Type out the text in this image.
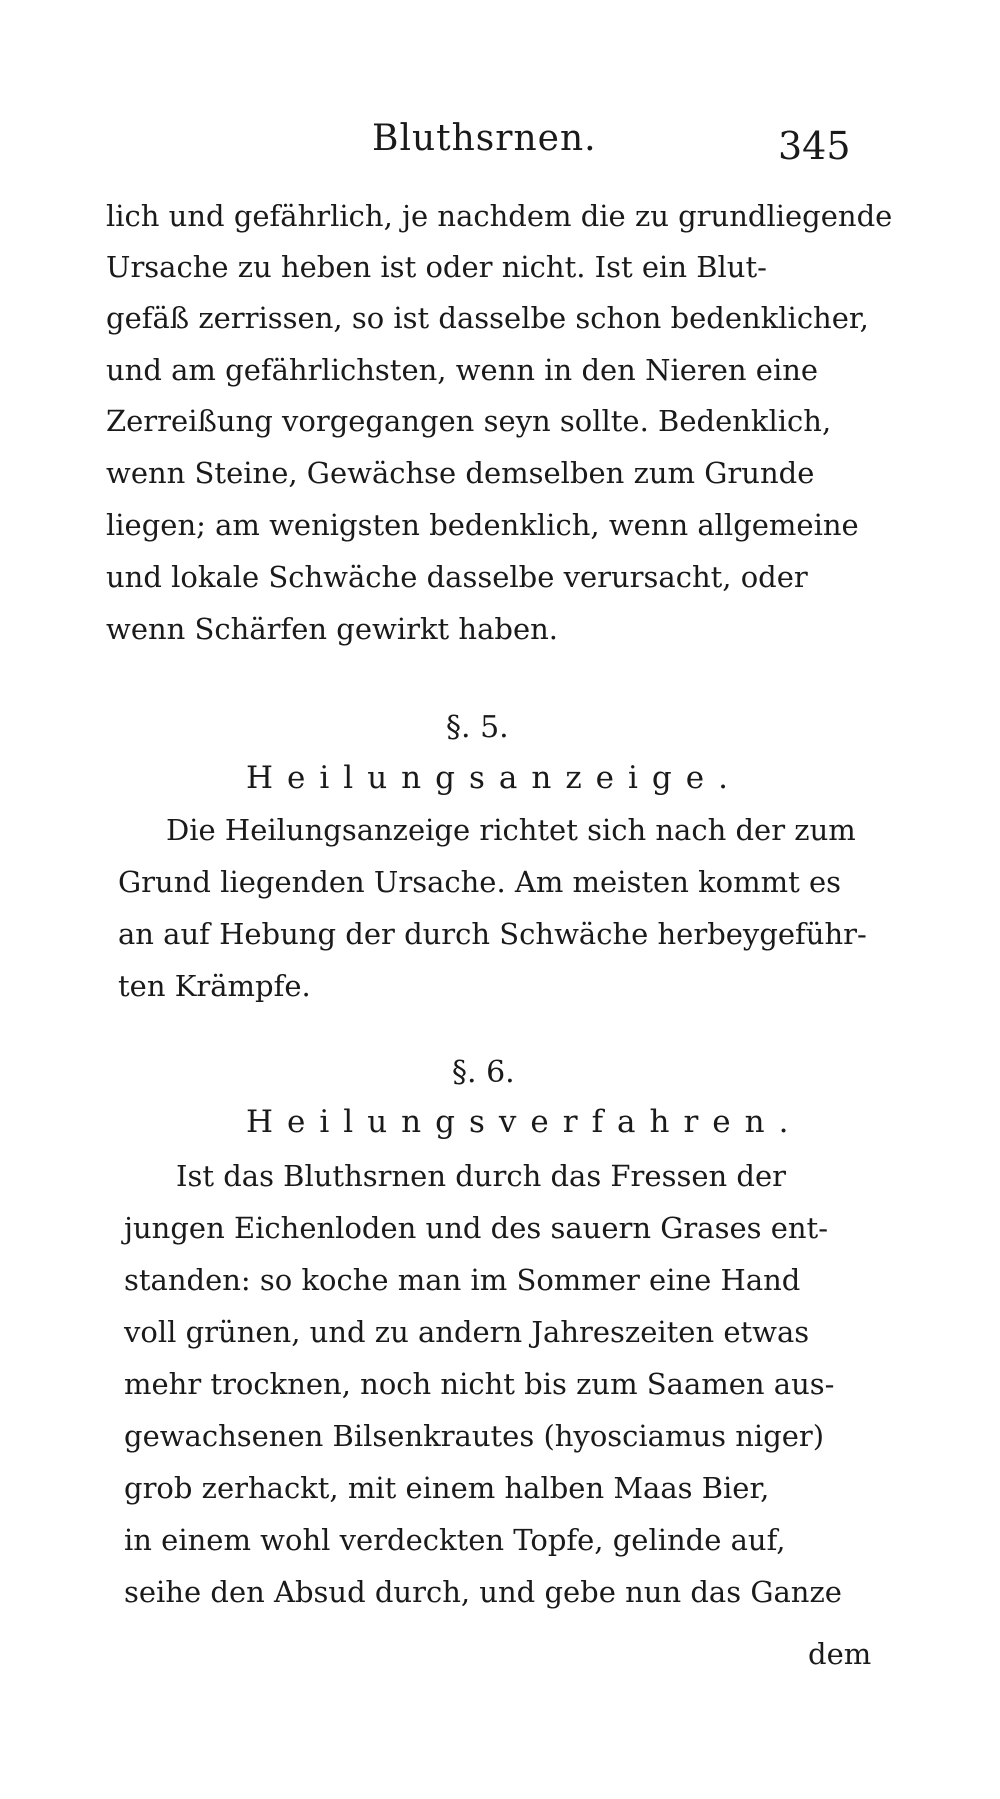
Bluthsrnen.	345
lich und gefährlich, je nachdem die zu grundliegende
Ursache zu heben ist oder nicht. Ist ein Blut-
gefäß zerrissen, so ist dasselbe schon bedenklicher,
und am gefährlichsten, wenn in den Nieren eine
Zerreißung vorgegangen seyn sollte. Bedenklich,
wenn Steine, Gewächse demselben zum Grunde
liegen; am wenigsten bedenklich, wenn allgemeine
und lokale Schwäche dasselbe verursacht, oder
wenn Schärfen gewirkt haben.
§. 5.
Heilungsanzeige.
Die Heilungsanzeige richtet sich nach der zum
Grund liegenden Ursache. Am meisten kommt es
an auf Hebung der durch Schwäche herbeygeführ-
ten Krämpfe.
§. 6.
Heilungsverfahren.
Ist das Bluthsrnen durch das Fressen der
jungen Eichenloden und des sauern Grases ent-
standen: so koche man im Sommer eine Hand
voll grünen, und zu andern Jahreszeiten etwas
mehr trocknen, noch nicht bis zum Saamen aus-
gewachsenen Bilsenkrautes (hyosciamus niger)
grob zerhackt, mit einem halben Maas Bier,
in einem wohl verdeckten Topfe, gelinde auf,
seihe den Absud durch, und gebe nun das Ganze
dem
